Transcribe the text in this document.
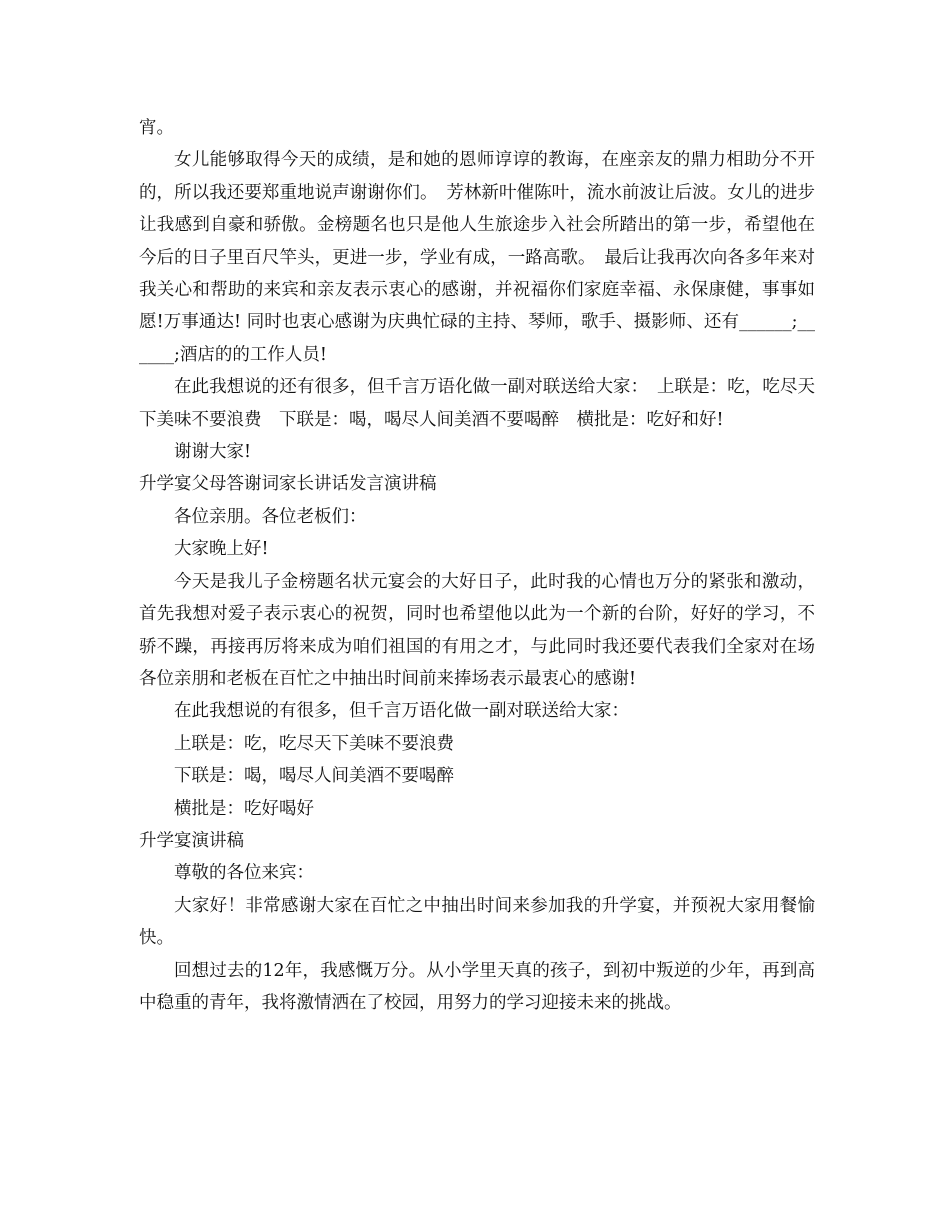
宵。

女儿能够取得今天的成绩，是和她的恩师谆谆的教诲，在座亲友的鼎力相助分不开的，所以我还要郑重地说声谢谢你们。　芳林新叶催陈叶，流水前波让后波。女儿的进步让我感到自豪和骄傲。金榜题名也只是他人生旅途步入社会所踏出的第一步，希望他在今后的日子里百尺竿头，更进一步，学业有成，一路高歌。　最后让我再次向各多年来对我关心和帮助的来宾和亲友表示衷心的感谢，并祝福你们家庭幸福、永保康健，事事如愿!万事通达! 同时也衷心感谢为庆典忙碌的主持、琴师，歌手、摄影师、还有______;______;酒店的的工作人员!

在此我想说的还有很多，但千言万语化做一副对联送给大家：　上联是：吃，吃尽天下美味不要浪费　下联是：喝，喝尽人间美酒不要喝醉　横批是：吃好和好!

谢谢大家!

升学宴父母答谢词家长讲话发言演讲稿

各位亲朋。各位老板们：

大家晚上好!

今天是我儿子金榜题名状元宴会的大好日子，此时我的心情也万分的紧张和激动，首先我想对爱子表示衷心的祝贺，同时也希望他以此为一个新的台阶，好好的学习，不骄不躁，再接再厉将来成为咱们祖国的有用之才，与此同时我还要代表我们全家对在场各位亲朋和老板在百忙之中抽出时间前来捧场表示最衷心的感谢!

在此我想说的有很多，但千言万语化做一副对联送给大家：

上联是：吃，吃尽天下美味不要浪费

下联是：喝，喝尽人间美酒不要喝醉

横批是：吃好喝好

升学宴演讲稿

尊敬的各位来宾：

大家好！非常感谢大家在百忙之中抽出时间来参加我的升学宴，并预祝大家用餐愉快。

回想过去的12年，我感慨万分。从小学里天真的孩子，到初中叛逆的少年，再到高中稳重的青年，我将激情洒在了校园，用努力的学习迎接未来的挑战。
